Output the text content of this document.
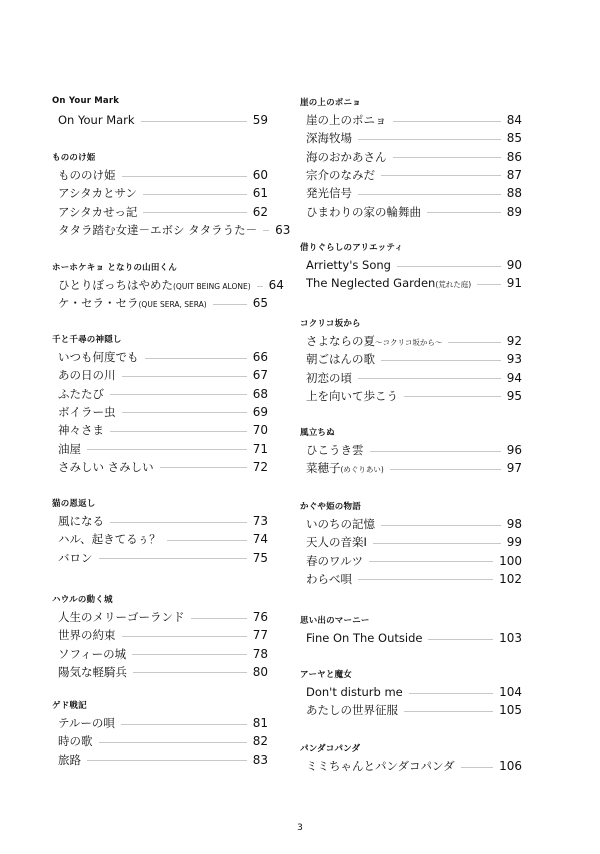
On Your Mark
On Your Mark	59
もののけ姫
もののけ姫	60
アシタカとサン	61
アシタカせっ記	62
タタラ踏む女達－エボシ タタラうた－ 63
ホーホケキョ となりの山田くん
ひとりぼっちはやめた(QUIT BEING ALONE) 64
ケ・セラ・セラ(QUE SERA, SERA)	65
千と千尋の神隠し
いつも何度でも	66
あの日の川	67
ふたたび	68
ボイラー虫	69
神々さま	70
油屋	71
さみしい さみしい	72
猫の恩返し
風になる	73
ハル、起きてるぅ？	74
バロン	75
ハウルの動く城
人生のメリーゴーランド	76
世界の約束	77
ソフィーの城	78
陽気な軽騎兵	80
ゲド戦記
テルーの唄	81
時の歌	82
旅路	83
崖の上のポニョ
崖の上のポニョ	84
深海牧場	85
海のおかあさん	86
宗介のなみだ	87
発光信号	88
ひまわりの家の輪舞曲	89
借りぐらしのアリエッティ
Arrietty's Song	90
The Neglected Garden(荒れた庭)	91
コクリコ坂から
さよならの夏～コクリコ坂から～	92
朝ごはんの歌	93
初恋の頃	94
上を向いて歩こう	95
風立ちぬ
ひこうき雲	96
菜穂子(めぐりあい)	97
かぐや姫の物語
いのちの記憶	98
天人の音楽Ⅰ	99
春のワルツ	100
わらべ唄	102
思い出のマーニー
Fine On The Outside	103
アーヤと魔女
Don't disturb me	104
あたしの世界征服	105
パンダコパンダ
ミミちゃんとパンダコパンダ	106
3
